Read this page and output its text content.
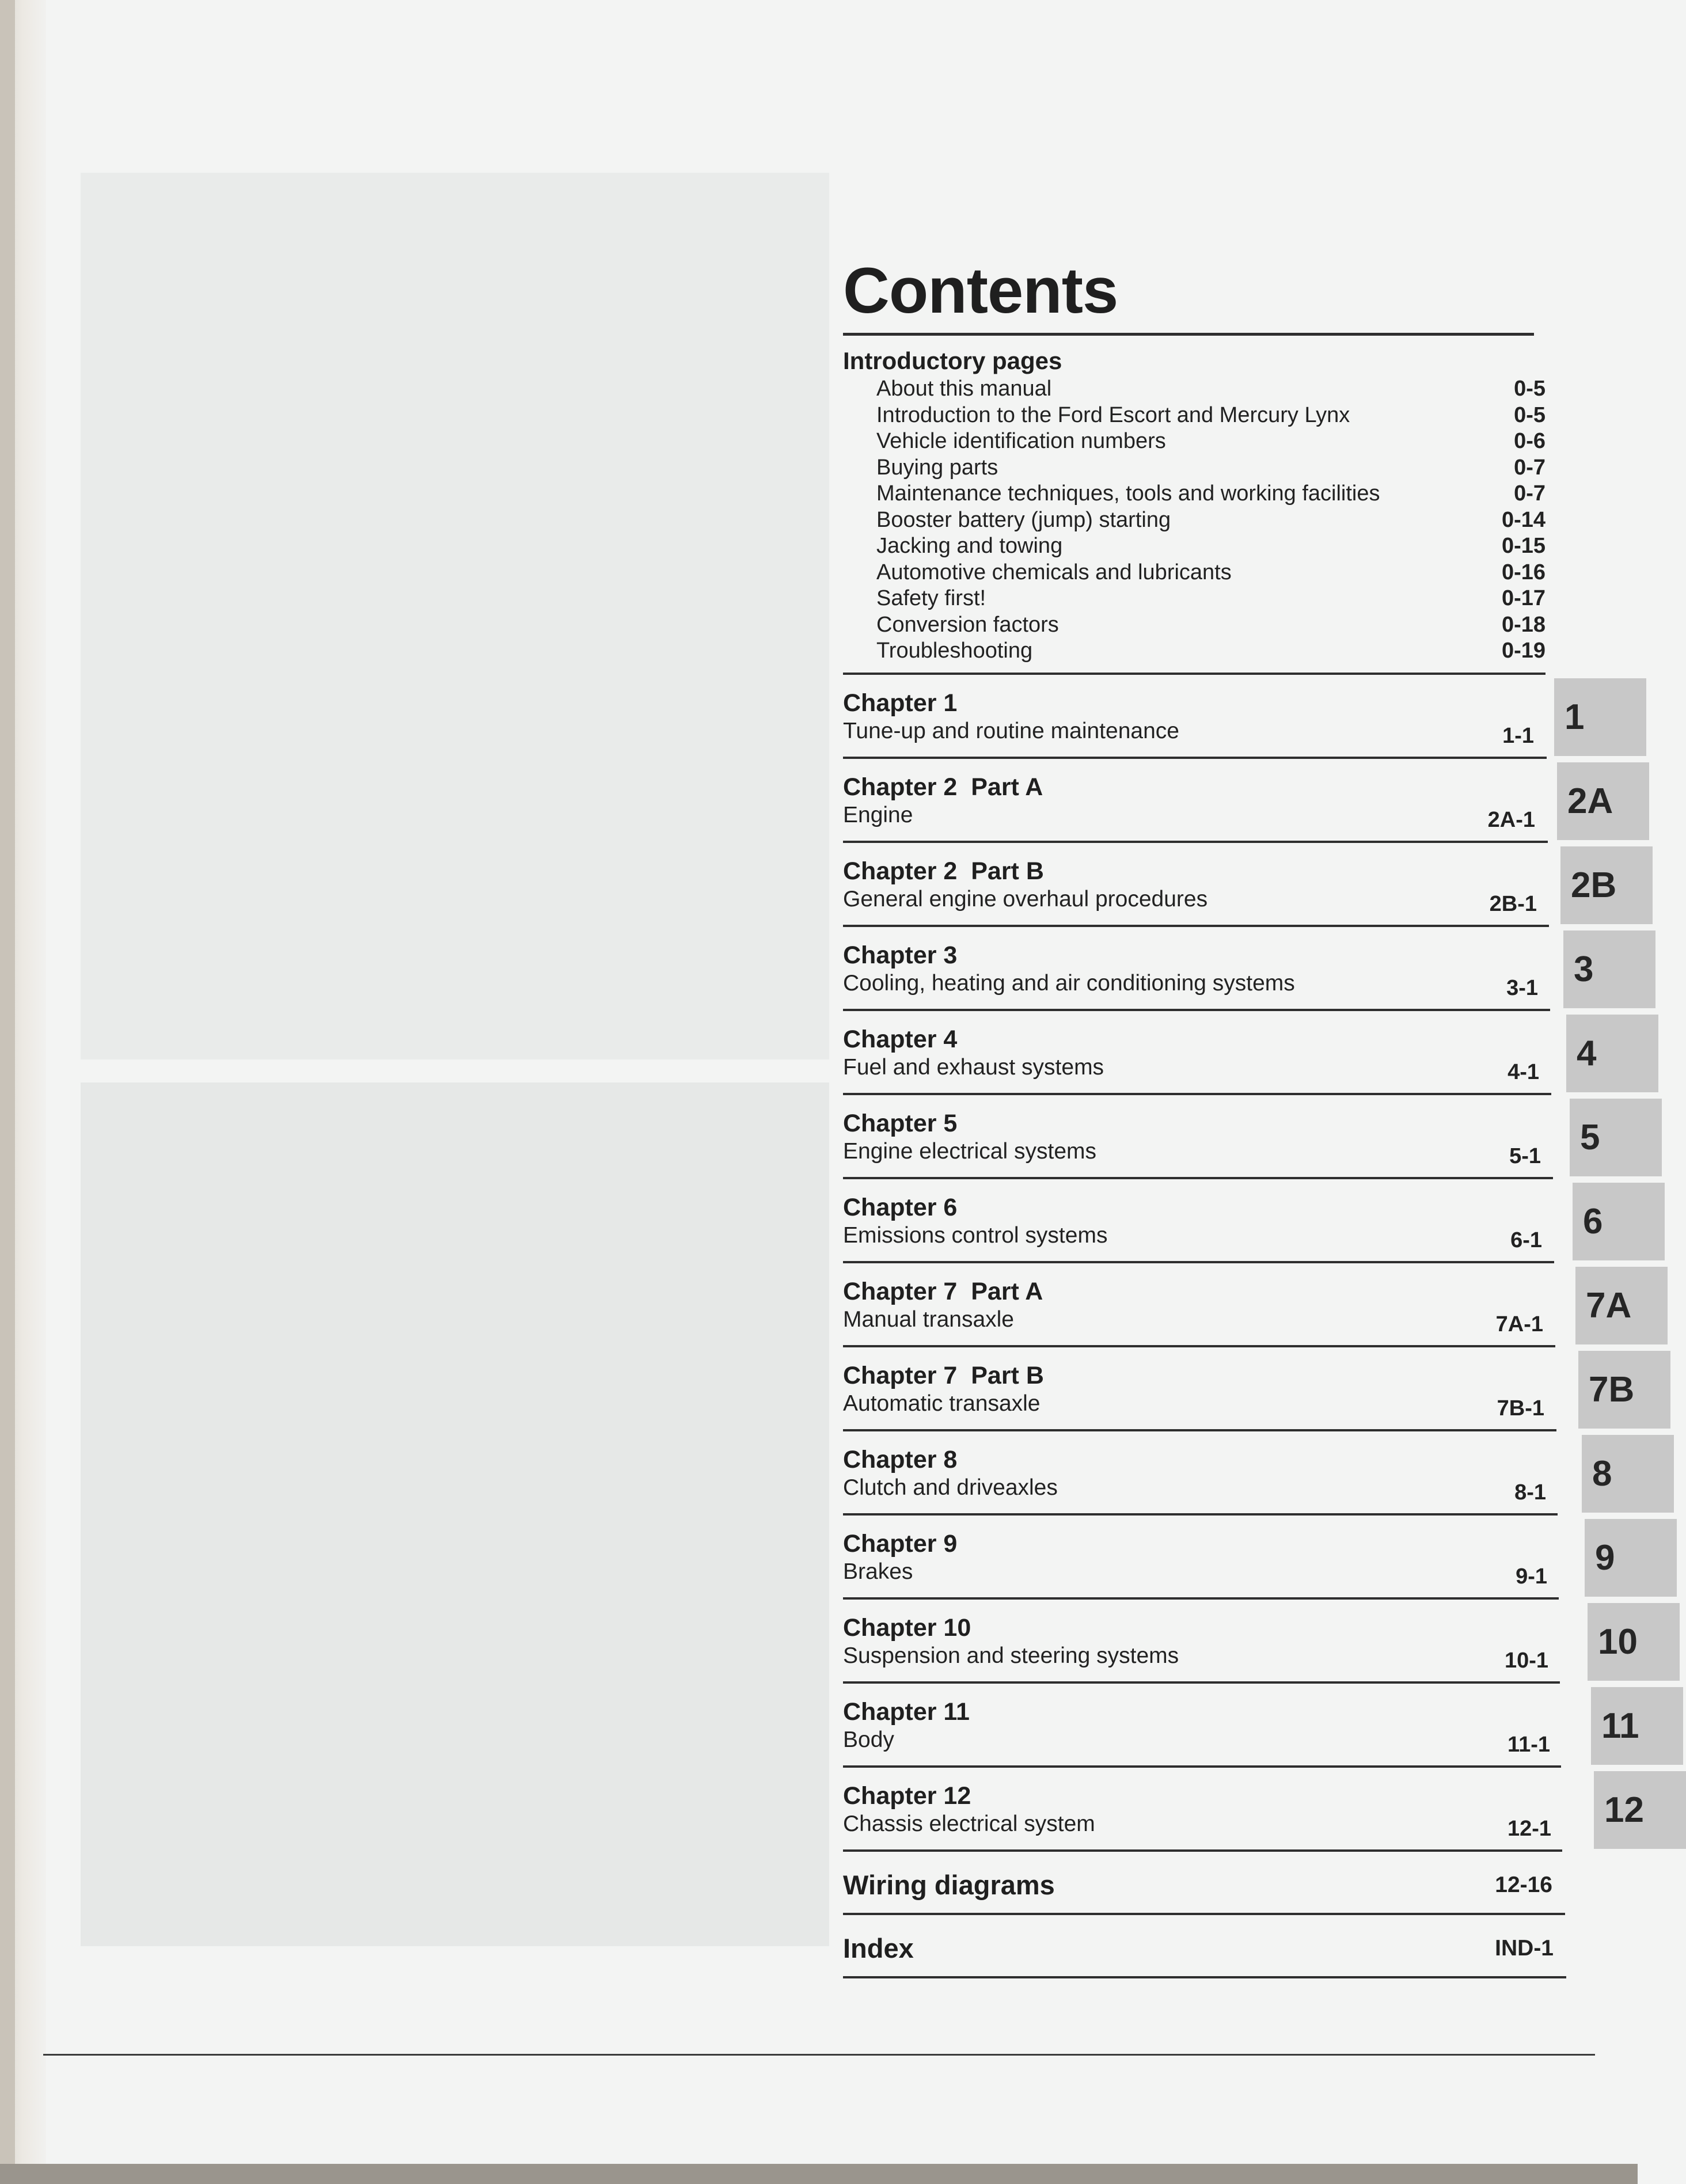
Contents
Introductory pages
About this manual	0-5
Introduction to the Ford Escort and Mercury Lynx	0-5
Vehicle identification numbers	0-6
Buying parts	0-7
Maintenance techniques, tools and working facilities	0-7
Booster battery (jump) starting	0-14
Jacking and towing	0-15
Automotive chemicals and lubricants	0-16
Safety first!	0-17
Conversion factors	0-18
Troubleshooting	0-19
Chapter 1
Tune-up and routine maintenance	1-1 1
Chapter 2  Part A
Engine	2A-1 2A
Chapter 2  Part B
General engine overhaul procedures	2B-1 2B
Chapter 3
Cooling, heating and air conditioning systems	3-1 3
Chapter 4
Fuel and exhaust systems	4-1 4
Chapter 5
Engine electrical systems	5-1 5
Chapter 6
Emissions control systems	6-1 6
Chapter 7  Part A
Manual transaxle	7A-1 7A
Chapter 7  Part B
Automatic transaxle	7B-1 7B
Chapter 8
Clutch and driveaxles	8-1 8
Chapter 9
Brakes	9-1 9
Chapter 10
Suspension and steering systems	10-1 10
Chapter 11
Body	11-1 11
Chapter 12
Chassis electrical system	12-1 12
Wiring diagrams	12-16
Index	IND-1
